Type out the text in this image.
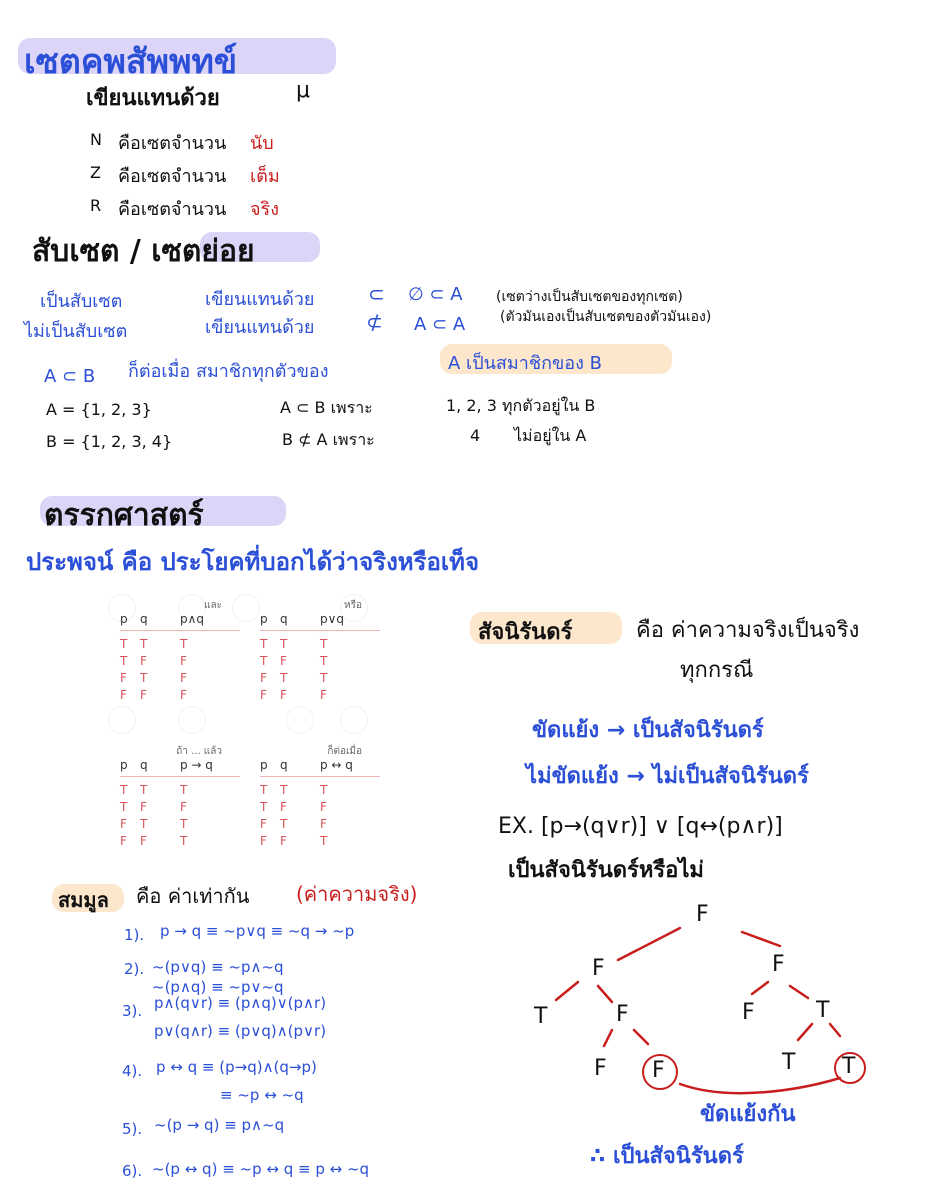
เซตคพสัพพทข์
เขียนแทนด้วย	μ
N คือเซตจำนวน นับ
Z คือเซตจำนวน เต็ม
R คือเซตจำนวน จริง
สับเซต / เซตย่อย
เป็นสับเซต	เขียนแทนด้วย	⊂ ∅ ⊂ A (เซตว่างเป็นสับเซตของทุกเซต)
ไม่เป็นสับเซต	เขียนแทนด้วย	⊄ A ⊂ A (ตัวมันเองเป็นสับเซตของตัวมันเอง)
A ⊂ B ก็ต่อเมื่อ สมาชิกทุกตัวของ	A เป็นสมาชิกของ B
A = {1, 2, 3}
B = {1, 2, 3, 4}
A ⊂ B เพราะ	1, 2, 3 ทุกตัวอยู่ใน B
B ⊄ A เพราะ	4 ไม่อยู่ใน A
ตรรกศาสตร์
ประพจน์ คือ ประโยคที่บอกได้ว่าจริงหรือเท็จ
และ
p	q	p∧q
T	T	T
T	F	F
F	T	F
F	F	F
หรือ
p	q	p∨q
T	T	T
T	F	T
F	T	T
F	F	F
ถ้า ... แล้ว
p	q	p → q
T	T	T
T	F	F
F	T	T
F	F	T
ก็ต่อเมื่อ
p	q	p ↔ q
T	T	T
T	F	F
F	T	F
F	F	T
สัจนิรันดร์	คือ ค่าความจริงเป็นจริง
ทุกกรณี
ขัดแย้ง → เป็นสัจนิรันดร์
ไม่ขัดแย้ง → ไม่เป็นสัจนิรันดร์
EX. [p→(q∨r)] ∨ [q↔(p∧r)]
เป็นสัจนิรันดร์หรือไม่
F
F	F
T	F	F	T
F F	T T
ขัดแย้งกัน
∴ เป็นสัจนิรันดร์
สมมูล คือ ค่าเท่ากัน (ค่าความจริง)
1). p → q ≡ ~p∨q ≡ ~q → ~p
2). ~(p∨q) ≡ ~p∧~q
~(p∧q) ≡ ~p∨~q
3). p∧(q∨r) ≡ (p∧q)∨(p∧r)
p∨(q∧r) ≡ (p∨q)∧(p∨r)
4). p ↔ q ≡ (p→q)∧(q→p)
≡ ~p ↔ ~q
5). ~(p → q) ≡ p∧~q
6). ~(p ↔ q) ≡ ~p ↔ q ≡ p ↔ ~q
